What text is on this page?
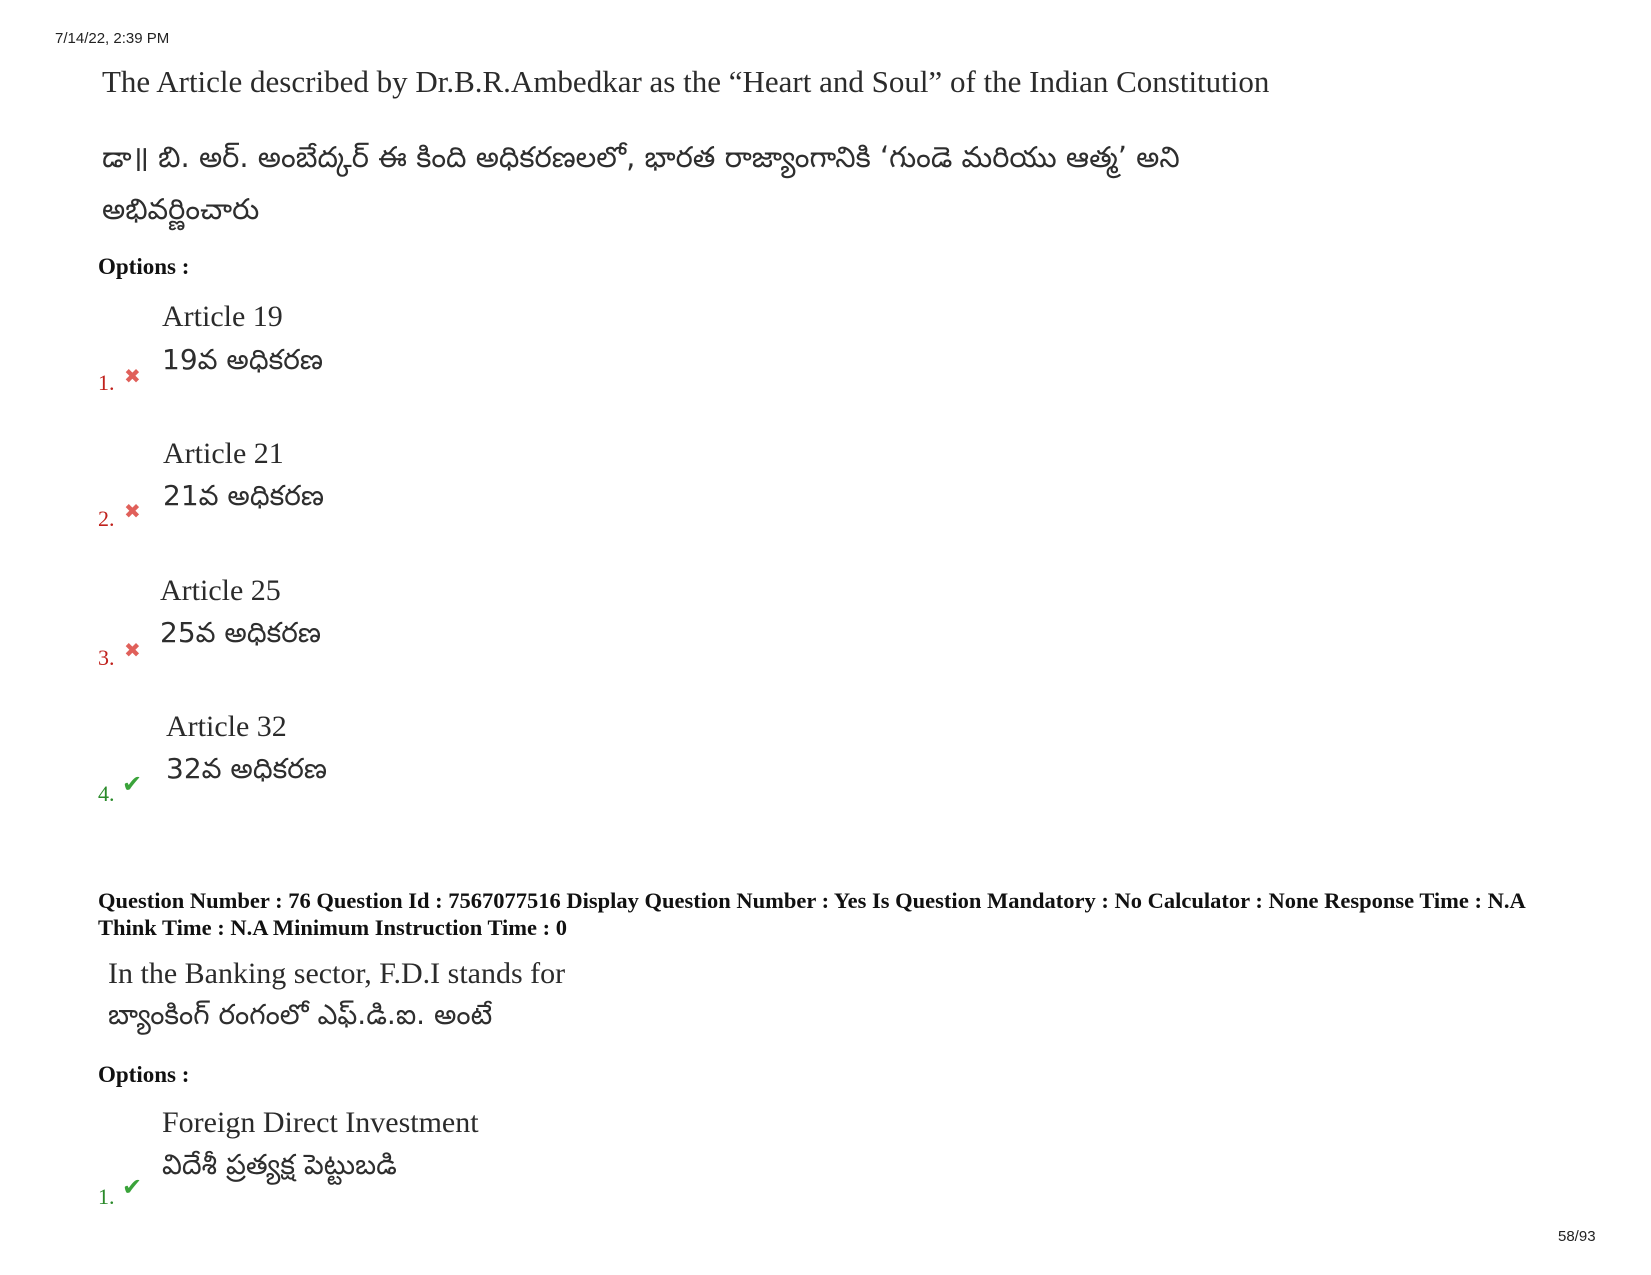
7/14/22, 2:39 PM
The Article described by Dr.B.R.Ambedkar as the “Heart and Soul” of the Indian Constitution
డా॥ బి. అర్. అంబేద్కర్ ఈ కింది అధికరణలలో, భారత రాజ్యాంగానికి ‘గుండె మరియు ఆత్మ’ అని
అభివర్ణించారు
Options :
1. ✖
Article 19
19వ అధికరణ
2. ✖
Article 21
21వ అధికరణ
3. ✖
Article 25
25వ అధికరణ
4. ✔
Article 32
32వ అధికరణ
Question Number : 76 Question Id : 7567077516 Display Question Number : Yes Is Question Mandatory : No Calculator : None Response Time : N.A Think Time : N.A Minimum Instruction Time : 0
In the Banking sector, F.D.I stands for
బ్యాంకింగ్ రంగంలో ఎఫ్.డి.ఐ. అంటే
Options :
1. ✔
Foreign Direct Investment
విదేశీ ప్రత్యక్ష పెట్టుబడి
58/93
